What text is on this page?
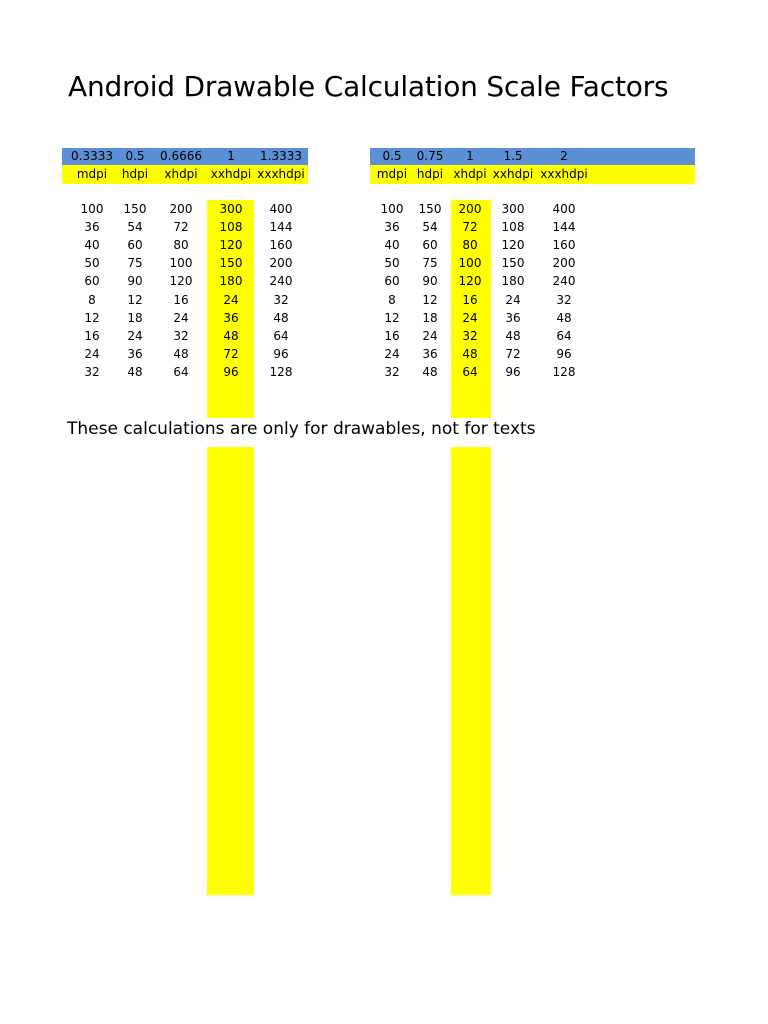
Android Drawable Calculation Scale Factors
These calculations are only for drawables, not for texts
0.3333	0.5	0.6666	1	1.3333
mdpi	hdpi	xhdpi	xxhdpi xxxhdpi
100	150	200	300	400
36	54	72	108	144
40	60	80	120	160
50	75	100	150	200
60	90	120	180	240
8	12	16	24	32
12	18	24	36	48
16	24	32	48	64
24	36	48	72	96
32	48	64	96	128
0.5	0.75	1	1.5	2
mdpi hdpi xhdpi xxhdpi xxxhdpi
100	150	200	300	400
36	54	72	108	144
40	60	80	120	160
50	75	100	150	200
60	90	120	180	240
8	12	16	24	32
12	18	24	36	48
16	24	32	48	64
24	36	48	72	96
32	48	64	96	128
